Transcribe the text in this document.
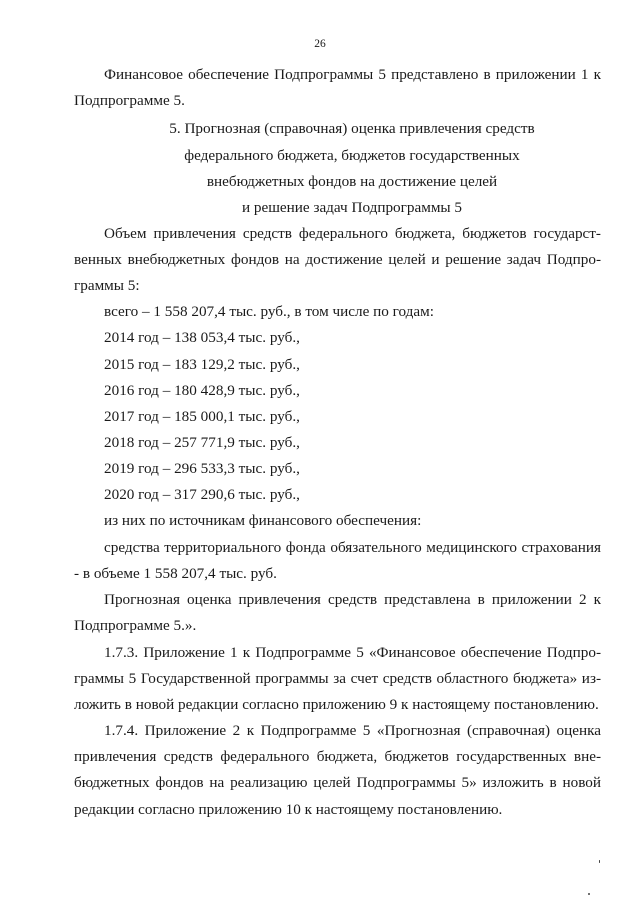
26
Финансовое обеспечение Подпрограммы 5 представлено в приложении 1 к
Подпрограмме 5.
5. Прогнозная (справочная) оценка привлечения средств
федерального бюджета, бюджетов государственных
внебюджетных фондов на достижение целей
и решение задач Подпрограммы 5
Объем привлечения средств федерального бюджета, бюджетов государст-
венных внебюджетных фондов на достижение целей и решение задач Подпро-
граммы 5:
всего – 1 558 207,4 тыс. руб., в том числе по годам:
2014 год – 138 053,4 тыс. руб.,
2015 год – 183 129,2 тыс. руб.,
2016 год – 180 428,9 тыс. руб.,
2017 год – 185 000,1 тыс. руб.,
2018 год – 257 771,9 тыс. руб.,
2019 год – 296 533,3 тыс. руб.,
2020 год – 317 290,6 тыс. руб.,
из них по источникам финансового обеспечения:
средства территориального фонда обязательного медицинского страхования
- в объеме 1 558 207,4 тыс. руб.
Прогнозная оценка привлечения средств представлена в приложении 2 к
Подпрограмме 5.».
1.7.3. Приложение 1 к Подпрограмме 5 «Финансовое обеспечение Подпро-
граммы 5 Государственной программы за счет средств областного бюджета» из-
ложить в новой редакции согласно приложению 9 к настоящему постановлению.
1.7.4. Приложение 2 к Подпрограмме 5 «Прогнозная (справочная) оценка
привлечения средств федерального бюджета, бюджетов государственных вне-
бюджетных фондов на реализацию целей Подпрограммы 5» изложить в новой
редакции согласно приложению 10 к настоящему постановлению.
